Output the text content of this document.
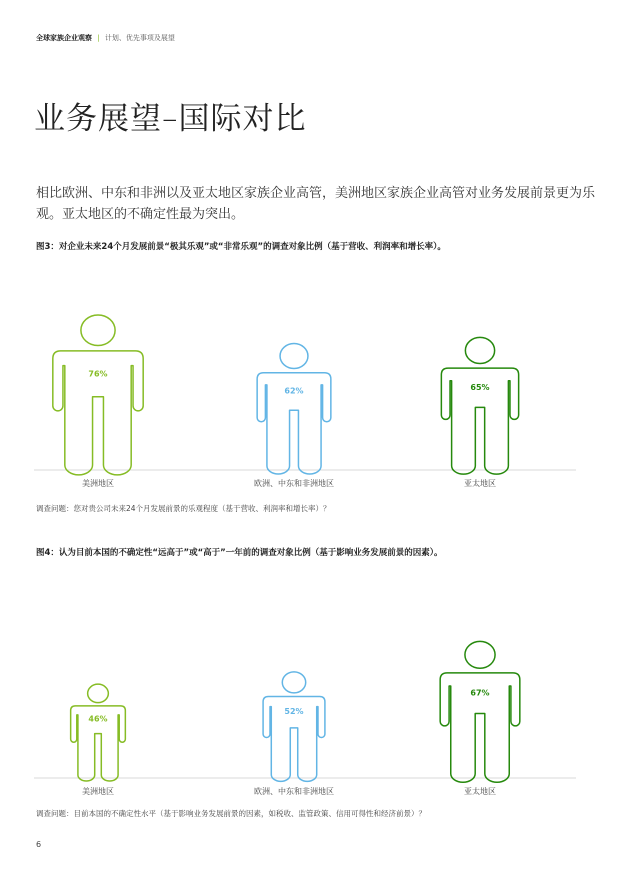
全球家族企业观察 | 计划、优先事项及展望
业务展望–国际对比
相比欧洲、中东和非洲以及亚太地区家族企业高管，美洲地区家族企业高管对业务发展前景更为乐观。亚太地区的不确定性最为突出。
图3：对企业未来24个月发展前景“极其乐观”或“非常乐观”的调查对象比例（基于营收、利润率和增长率）。
76%
美洲地区
62%
欧洲、中东和非洲地区
65%
亚太地区
调查问题：您对贵公司未来24个月发展前景的乐观程度（基于营收、利润率和增长率）？
图4：认为目前本国的不确定性“远高于”或“高于”一年前的调查对象比例（基于影响业务发展前景的因素）。
46%
美洲地区
52%
欧洲、中东和非洲地区
67%
亚太地区
调查问题：目前本国的不确定性水平（基于影响业务发展前景的因素，如税收、监管政策、信用可得性和经济前景）？
6
